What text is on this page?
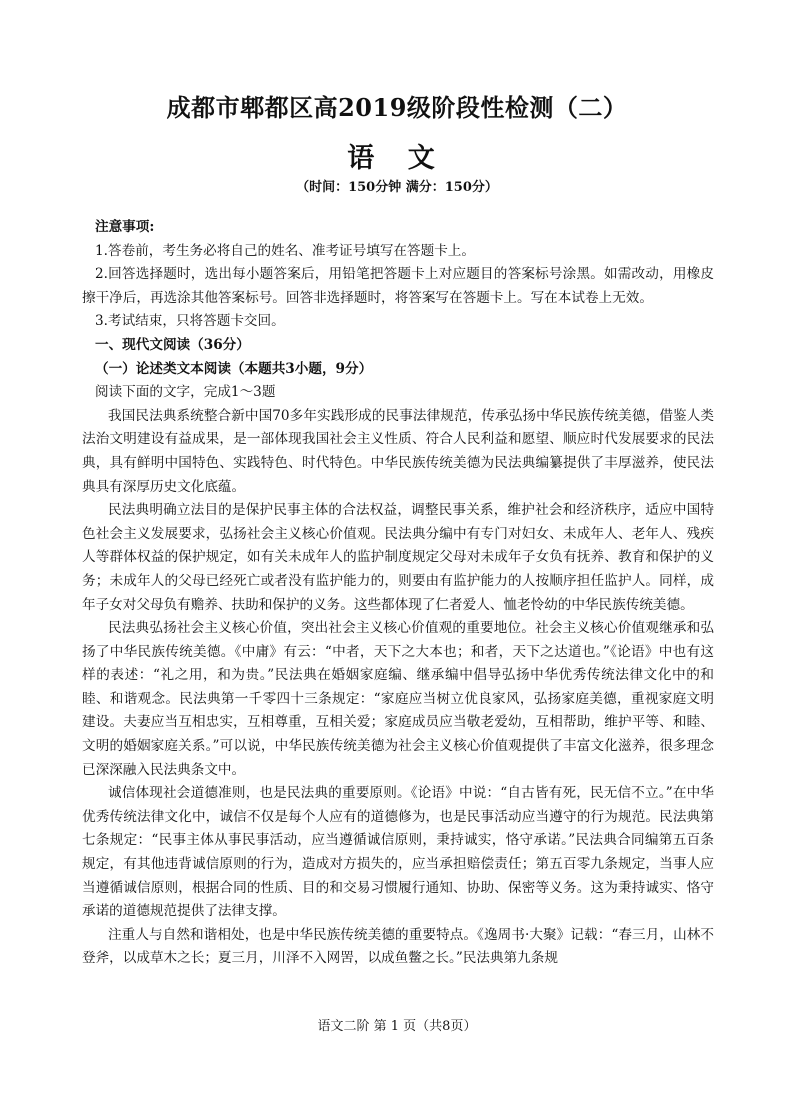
成都市郫都区高2019级阶段性检测（二）
语 文
（时间：150分钟 满分：150分）

注意事项:

1.答卷前，考生务必将自己的姓名、准考证号填写在答题卡上。

2.回答选择题时，选出每小题答案后，用铅笔把答题卡上对应题目的答案标号涂黑。如需改动，用橡皮擦干净后，再选涂其他答案标号。回答非选择题时，将答案写在答题卡上。写在本试卷上无效。

3.考试结束，只将答题卡交回。

一、现代文阅读（36分）

（一）论述类文本阅读（本题共3小题，9分）

阅读下面的文字，完成1～3题

我国民法典系统整合新中国70多年实践形成的民事法律规范，传承弘扬中华民族传统美德，借鉴人类法治文明建设有益成果，是一部体现我国社会主义性质、符合人民利益和愿望、顺应时代发展要求的民法典，具有鲜明中国特色、实践特色、时代特色。中华民族传统美德为民法典编纂提供了丰厚滋养，使民法典具有深厚历史文化底蕴。

民法典明确立法目的是保护民事主体的合法权益，调整民事关系，维护社会和经济秩序，适应中国特色社会主义发展要求，弘扬社会主义核心价值观。民法典分编中有专门对妇女、未成年人、老年人、残疾人等群体权益的保护规定，如有关未成年人的监护制度规定父母对未成年子女负有抚养、教育和保护的义务；未成年人的父母已经死亡或者没有监护能力的，则要由有监护能力的人按顺序担任监护人。同样，成年子女对父母负有赡养、扶助和保护的义务。这些都体现了仁者爱人、恤老怜幼的中华民族传统美德。

民法典弘扬社会主义核心价值，突出社会主义核心价值观的重要地位。社会主义核心价值观继承和弘扬了中华民族传统美德。《中庸》有云：“中者，天下之大本也；和者，天下之达道也。”《论语》中也有这样的表述：“礼之用，和为贵。”民法典在婚姻家庭编、继承编中倡导弘扬中华优秀传统法律文化中的和睦、和谐观念。民法典第一千零四十三条规定：“家庭应当树立优良家风，弘扬家庭美德，重视家庭文明建设。夫妻应当互相忠实，互相尊重，互相关爱；家庭成员应当敬老爱幼，互相帮助，维护平等、和睦、文明的婚姻家庭关系。”可以说，中华民族传统美德为社会主义核心价值观提供了丰富文化滋养，很多理念已深深融入民法典条文中。

诚信体现社会道德准则，也是民法典的重要原则。《论语》中说：“自古皆有死，民无信不立。”在中华优秀传统法律文化中，诚信不仅是每个人应有的道德修为，也是民事活动应当遵守的行为规范。民法典第七条规定：“民事主体从事民事活动，应当遵循诚信原则，秉持诚实，恪守承诺。”民法典合同编第五百条规定，有其他违背诚信原则的行为，造成对方损失的，应当承担赔偿责任；第五百零九条规定，当事人应当遵循诚信原则，根据合同的性质、目的和交易习惯履行通知、协助、保密等义务。这为秉持诚实、恪守承诺的道德规范提供了法律支撑。

注重人与自然和谐相处，也是中华民族传统美德的重要特点。《逸周书·大聚》记载：“春三月，山林不登斧，以成草木之长；夏三月，川泽不入网罟，以成鱼鳖之长。”民法典第九条规

语文二阶 第 1 页（共8页）
